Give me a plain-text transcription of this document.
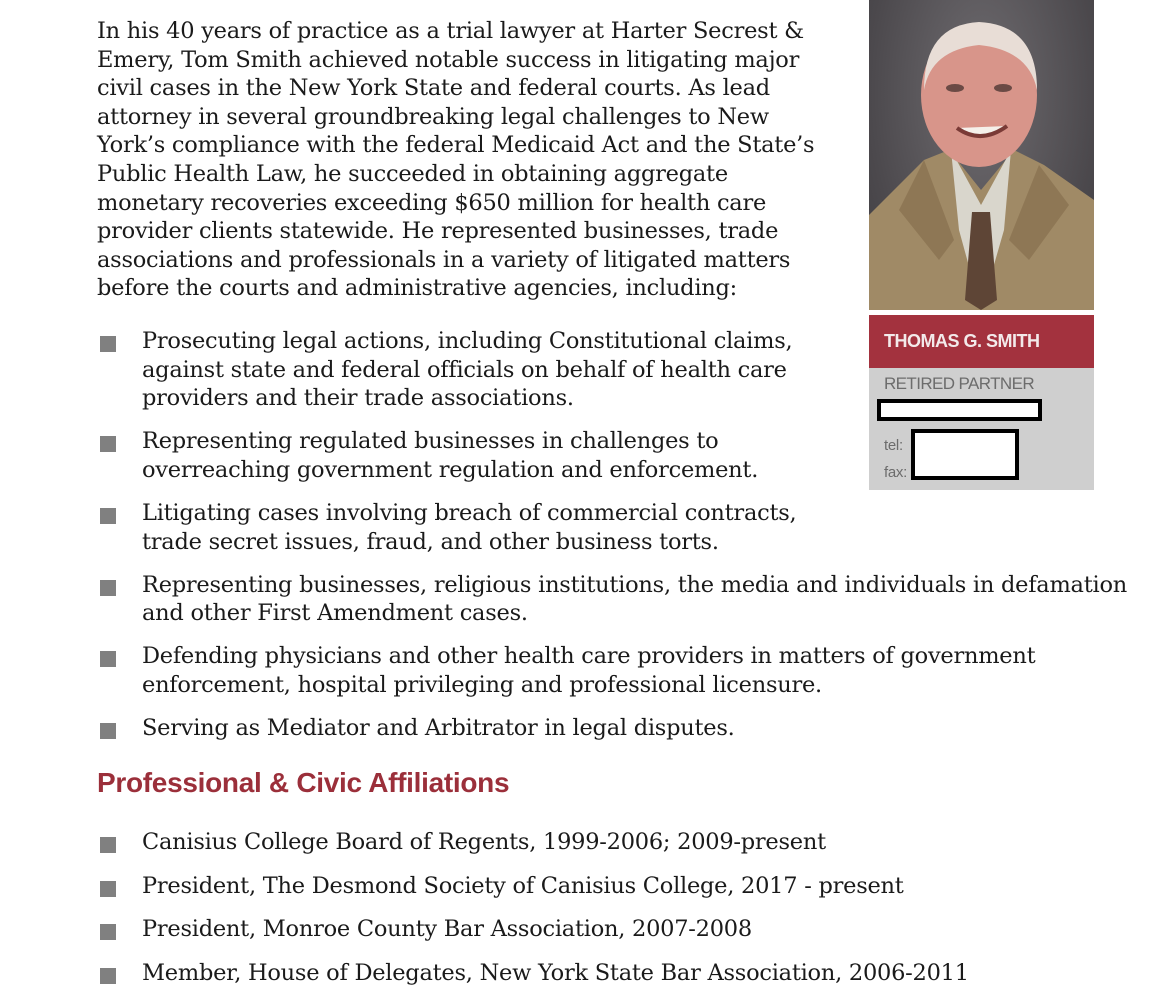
In his 40 years of practice as a trial lawyer at Harter Secrest & Emery, Tom Smith achieved notable success in litigating major civil cases in the New York State and federal courts. As lead attorney in several groundbreaking legal challenges to New York’s compliance with the federal Medicaid Act and the State’s Public Health Law, he succeeded in obtaining aggregate monetary recoveries exceeding $650 million for health care provider clients statewide. He represented businesses, trade associations and professionals in a variety of litigated matters before the courts and administrative agencies, including:

Prosecuting legal actions, including Constitutional claims, against state and federal officials on behalf of health care providers and their trade associations.
Representing regulated businesses in challenges to overreaching government regulation and enforcement.
Litigating cases involving breach of commercial contracts, trade secret issues, fraud, and other business torts.
Representing businesses, religious institutions, the media and individuals in defamation and other First Amendment cases.
Defending physicians and other health care providers in matters of government enforcement, hospital privileging and professional licensure.
Serving as Mediator and Arbitrator in legal disputes.
Professional & Civic Affiliations
Canisius College Board of Regents, 1999-2006; 2009-present
President, The Desmond Society of Canisius College, 2017 - present
President, Monroe County Bar Association, 2007-2008
Member, House of Delegates, New York State Bar Association, 2006-2011
THOMAS G. SMITH
RETIRED PARTNER
tel:
fax:
